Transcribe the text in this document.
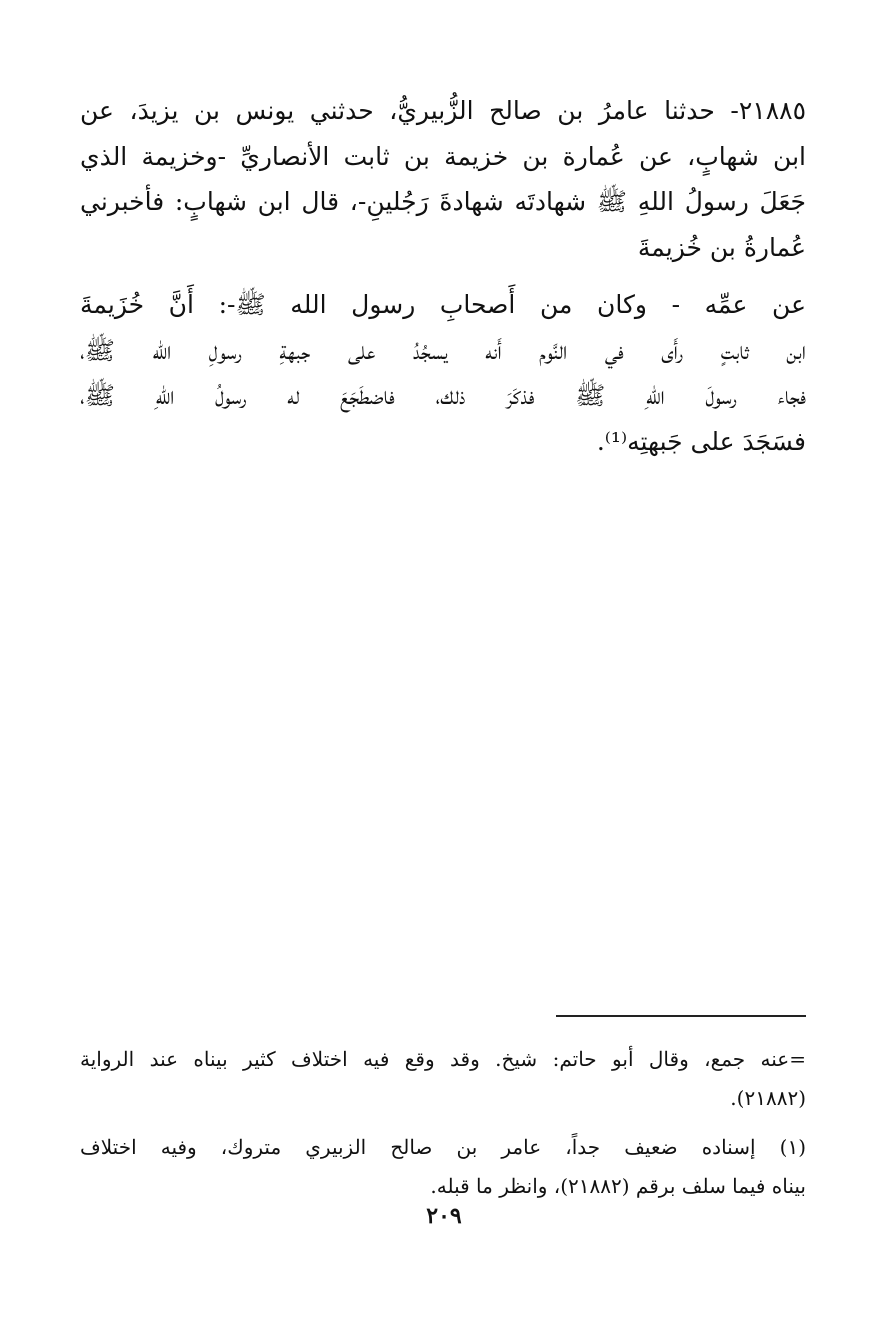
٢١٨٨٥- حدثنا عامرُ بن صالح الزُّبيريُّ، حدثني يونس بن يزيدَ، عن
ابن شهابٍ، عن عُمارة بن خزيمة بن ثابت الأنصاريِّ -وخزيمة الذي
جَعَلَ رسولُ اللهِ ﷺ شهادتَه شهادةَ رَجُلينِ-، قال ابن شهابٍ: فأخبرني
عُمارةُ بن خُزيمةَ
عن عمِّه - وكان من أَصحابِ رسول الله ﷺ-: أَنَّ خُزَيمةَ
ابن ثابتٍ رأَى في النَّوم أَنه يسجُدُ على جبهةِ رسولِ الله ﷺ،
فجاء رسولَ اللهِ ﷺ فذكَرَ ذلك، فاضطَجَعَ له رسولُ اللهِ ﷺ،
فسَجَدَ على جَبهتِه⁽¹⁾.
=عنه جمع، وقال أبو حاتم: شيخ. وقد وقع فيه اختلاف كثير بيناه عند الرواية
(٢١٨٨٢).
(١) إسناده ضعيف جداً، عامر بن صالح الزبيري متروك، وفيه اختلاف
بيناه فيما سلف برقم (٢١٨٨٢)، وانظر ما قبله.
٢٠٩
